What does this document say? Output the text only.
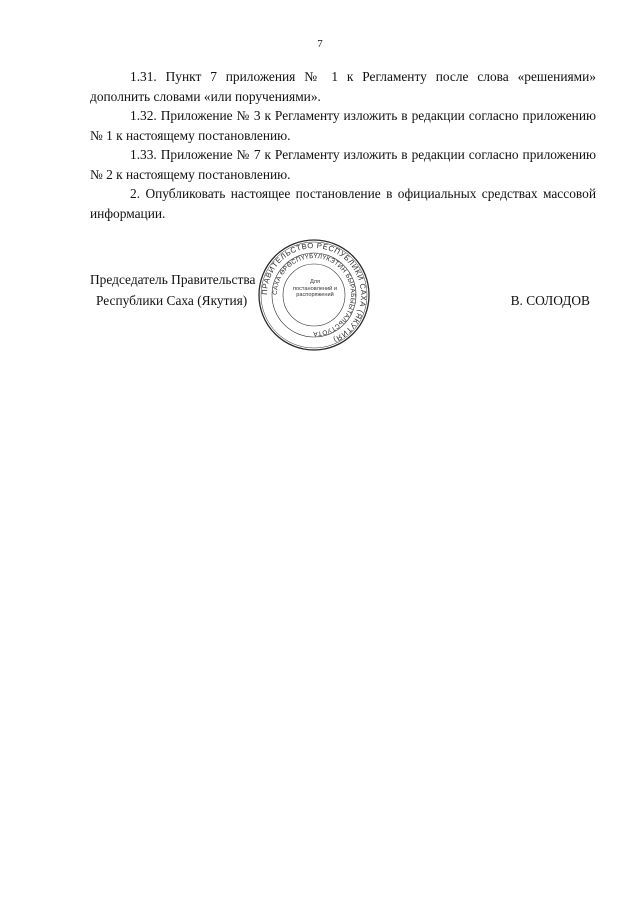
7

1.31. Пункт 7 приложения № 1 к Регламенту после слова «решениями» дополнить словами «или поручениями».

1.32. Приложение № 3 к Регламенту изложить в редакции согласно приложению № 1 к настоящему постановлению.

1.33. Приложение № 7 к Регламенту изложить в редакции согласно приложению № 2 к настоящему постановлению.

2. Опубликовать настоящее постановление в официальных средствах массовой информации.

Председатель Правительства
Республики Саха (Якутия)	В. СОЛОДОВ
ПРАВИТЕЛЬСТВО РЕСПУБЛИКИ САХА (ЯКУТИЯ)
САХА ӨРӨСПҮҮБҮЛҮКЭТИН БЫРАБЫЫТАЛЬСТУОТА
Для постановлений и распоряжений
